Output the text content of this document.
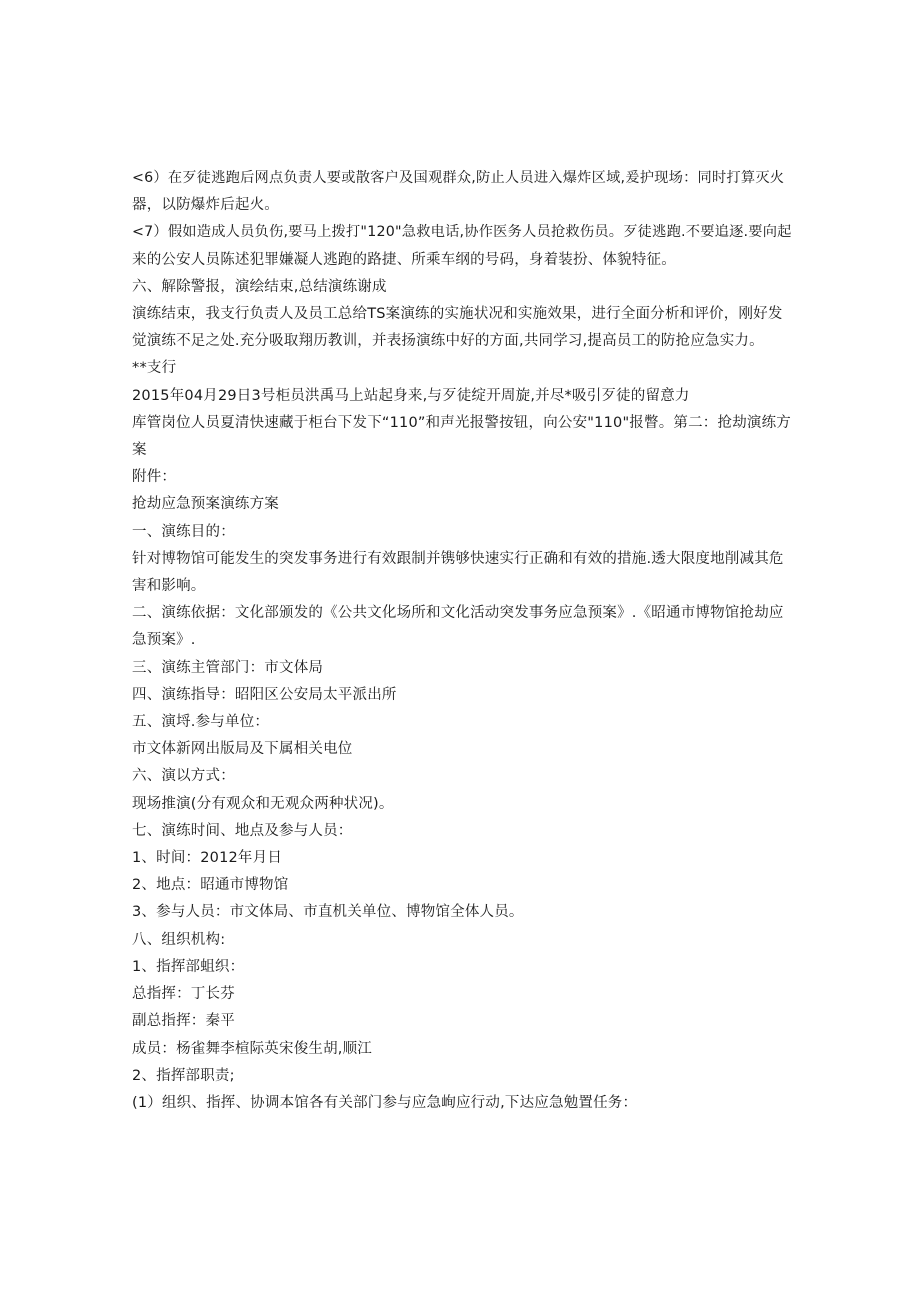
<6）在歹徒逃跑后网点负责人要或散客户及国观群众,防止人员进入爆炸区域,爰护现场：同时打算灭火
器，以防爆炸后起火。
<7）假如造成人员负伤,要马上拨打"120"急救电话,协作医务人员抢救伤员。歹徒逃跑.不要追逐.要向起
来的公安人员陈述犯罪嫌凝人逃跑的路捷、所乘车纲的号码，身着装扮、体貌特征。
六、解除警报，演绘结束,总结演练谢成
演练结束，我支行负责人及员工总给TS案演练的实施状况和实施效果，进行全面分析和评价，刚好发
觉演练不足之处.充分吸取翔历教训，并表扬演练中好的方面,共同学习,提高员工的防抢应急实力。
**支行
2015年04月29日3号柜员洪禹马上站起身来,与歹徒绽开周旋,并尽*吸引歹徒的留意力
库管岗位人员夏清快速藏于柜台下发下“110”和声光报警按钮，向公安"110"报瞥。第二：抢劫演练方
案
附件：
抢劫应急预案演练方案
一、演练目的：
针对博物馆可能发生的突发事务进行有效跟制并镌够快速实行正确和有效的措施.透大限度地削减其危
害和影响。
二、演练依据：文化部颁发的《公共文化场所和文化活动突发事务应急预案》.《昭通市博物馆抢劫应
急预案》.
三、演练主管部门：市文体局
四、演练指导：昭阳区公安局太平派出所
五、演埒.参与单位：
市文体新网出版局及下属相关电位
六、演以方式：
现场推演(分有观众和无观众两种状况)。
七、演练时间、地点及参与人员：
1、时间：2012年月日
2、地点：昭通市博物馆
3、参与人员：市文体局、市直机关单位、博物馆全体人员。
八、组织机构:
1、指挥部蛆织：
总指挥：丁长芬
副总指挥：秦平
成员：杨雀舞李楦际英宋俊生胡,顺江
2、指挥部职责;
(1）组织、指挥、协调本馆各有关部门参与应急峋应行动,下达应急勉置任务：
